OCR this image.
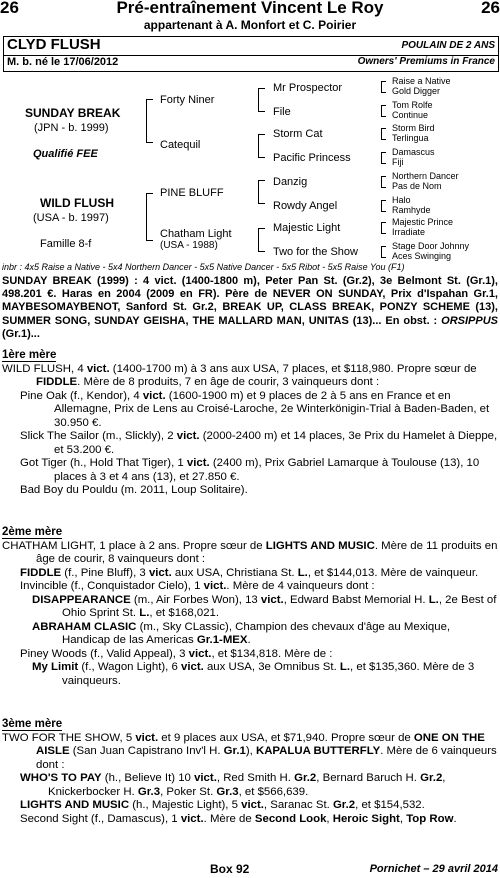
26	Pré-entraînement Vincent Le Roy	26
appartenant à A. Monfort et C. Poirier
CLYD FLUSH	POULAIN DE 2 ANS
M. b. né le 17/06/2012	Owners' Premiums in France
SUNDAY BREAK
(JPN - b. 1999)
Qualifié FEE
WILD FLUSH
(USA - b. 1997)
Famille 8-f
Forty Niner
Catequil
PINE BLUFF
Chatham Light
(USA - 1988)
Mr Prospector
File
Storm Cat
Pacific Princess
Danzig
Rowdy Angel
Majestic Light
Two for the Show
Raise a Native
Gold Digger
Tom Rolfe
Continue
Storm Bird
Terlingua
Damascus
Fiji
Northern Dancer
Pas de Nom
Halo
Ramhyde
Majestic Prince
Irradiate
Stage Door Johnny
Aces Swinging
inbr : 4x5 Raise a Native - 5x4 Northern Dancer - 5x5 Native Dancer - 5x5 Ribot - 5x5 Raise You (F1)
SUNDAY BREAK (1999) : 4 vict. (1400-1800 m), Peter Pan St. (Gr.2), 3e Belmont St. (Gr.1), 498.201 €. Haras en 2004 (2009 en FR). Père de NEVER ON SUNDAY, Prix d'Ispahan Gr.1, MAYBESOMAYBENOT, Sanford St. Gr.2, BREAK UP, CLASS BREAK, PONZY SCHEME (13), SUMMER SONG, SUNDAY GEISHA, THE MALLARD MAN, UNITAS (13)... En obst. : ORSIPPUS (Gr.1)...
1ère mère

WILD FLUSH, 4 vict. (1400-1700 m) à 3 ans aux USA, 7 places, et $118,980. Propre sœur de FIDDLE. Mère de 8 produits, 7 en âge de courir, 3 vainqueurs dont :

Pine Oak (f., Kendor), 4 vict. (1600-1900 m) et 9 places de 2 à 5 ans en France et en Allemagne, Prix de Lens au Croisé-Laroche, 2e Winterkönigin-Trial à Baden-Baden, et 30.950 €.

Slick The Sailor (m., Slickly), 2 vict. (2000-2400 m) et 14 places, 3e Prix du Hamelet à Dieppe, et 53.200 €.

Got Tiger (h., Hold That Tiger), 1 vict. (2400 m), Prix Gabriel Lamarque à Toulouse (13), 10 places à 3 et 4 ans (13), et 27.850 €.

Bad Boy du Pouldu (m. 2011, Loup Solitaire).

2ème mère

CHATHAM LIGHT, 1 place à 2 ans. Propre sœur de LIGHTS AND MUSIC. Mère de 11 produits en âge de courir, 8 vainqueurs dont :

FIDDLE (f., Pine Bluff), 3 vict. aux USA, Christiana St. L., et $144,013. Mère de vainqueur.

Invincible (f., Conquistador Cielo), 1 vict.. Mère de 4 vainqueurs dont :

DISAPPEARANCE (m., Air Forbes Won), 13 vict., Edward Babst Memorial H. L., 2e Best of Ohio Sprint St. L., et $168,021.

ABRAHAM CLASIC (m., Sky CLassic), Champion des chevaux d'âge au Mexique, Handicap de las Americas Gr.1-MEX.

Piney Woods (f., Valid Appeal), 3 vict., et $134,818. Mère de :

My Limit (f., Wagon Light), 6 vict. aux USA, 3e Omnibus St. L., et $135,360. Mère de 3 vainqueurs.

3ème mère

TWO FOR THE SHOW, 5 vict. et 9 places aux USA, et $71,940. Propre sœur de ONE ON THE AISLE (San Juan Capistrano Inv'l H. Gr.1), KAPALUA BUTTERFLY. Mère de 6 vainqueurs dont :

WHO'S TO PAY (h., Believe It) 10 vict., Red Smith H. Gr.2, Bernard Baruch H. Gr.2, Knickerbocker H. Gr.3, Poker St. Gr.3, et $566,639.

LIGHTS AND MUSIC (h., Majestic Light), 5 vict., Saranac St. Gr.2, et $154,532.

Second Sight (f., Damascus), 1 vict.. Mère de Second Look, Heroic Sight, Top Row.

Box 92	Pornichet – 29 avril 2014
